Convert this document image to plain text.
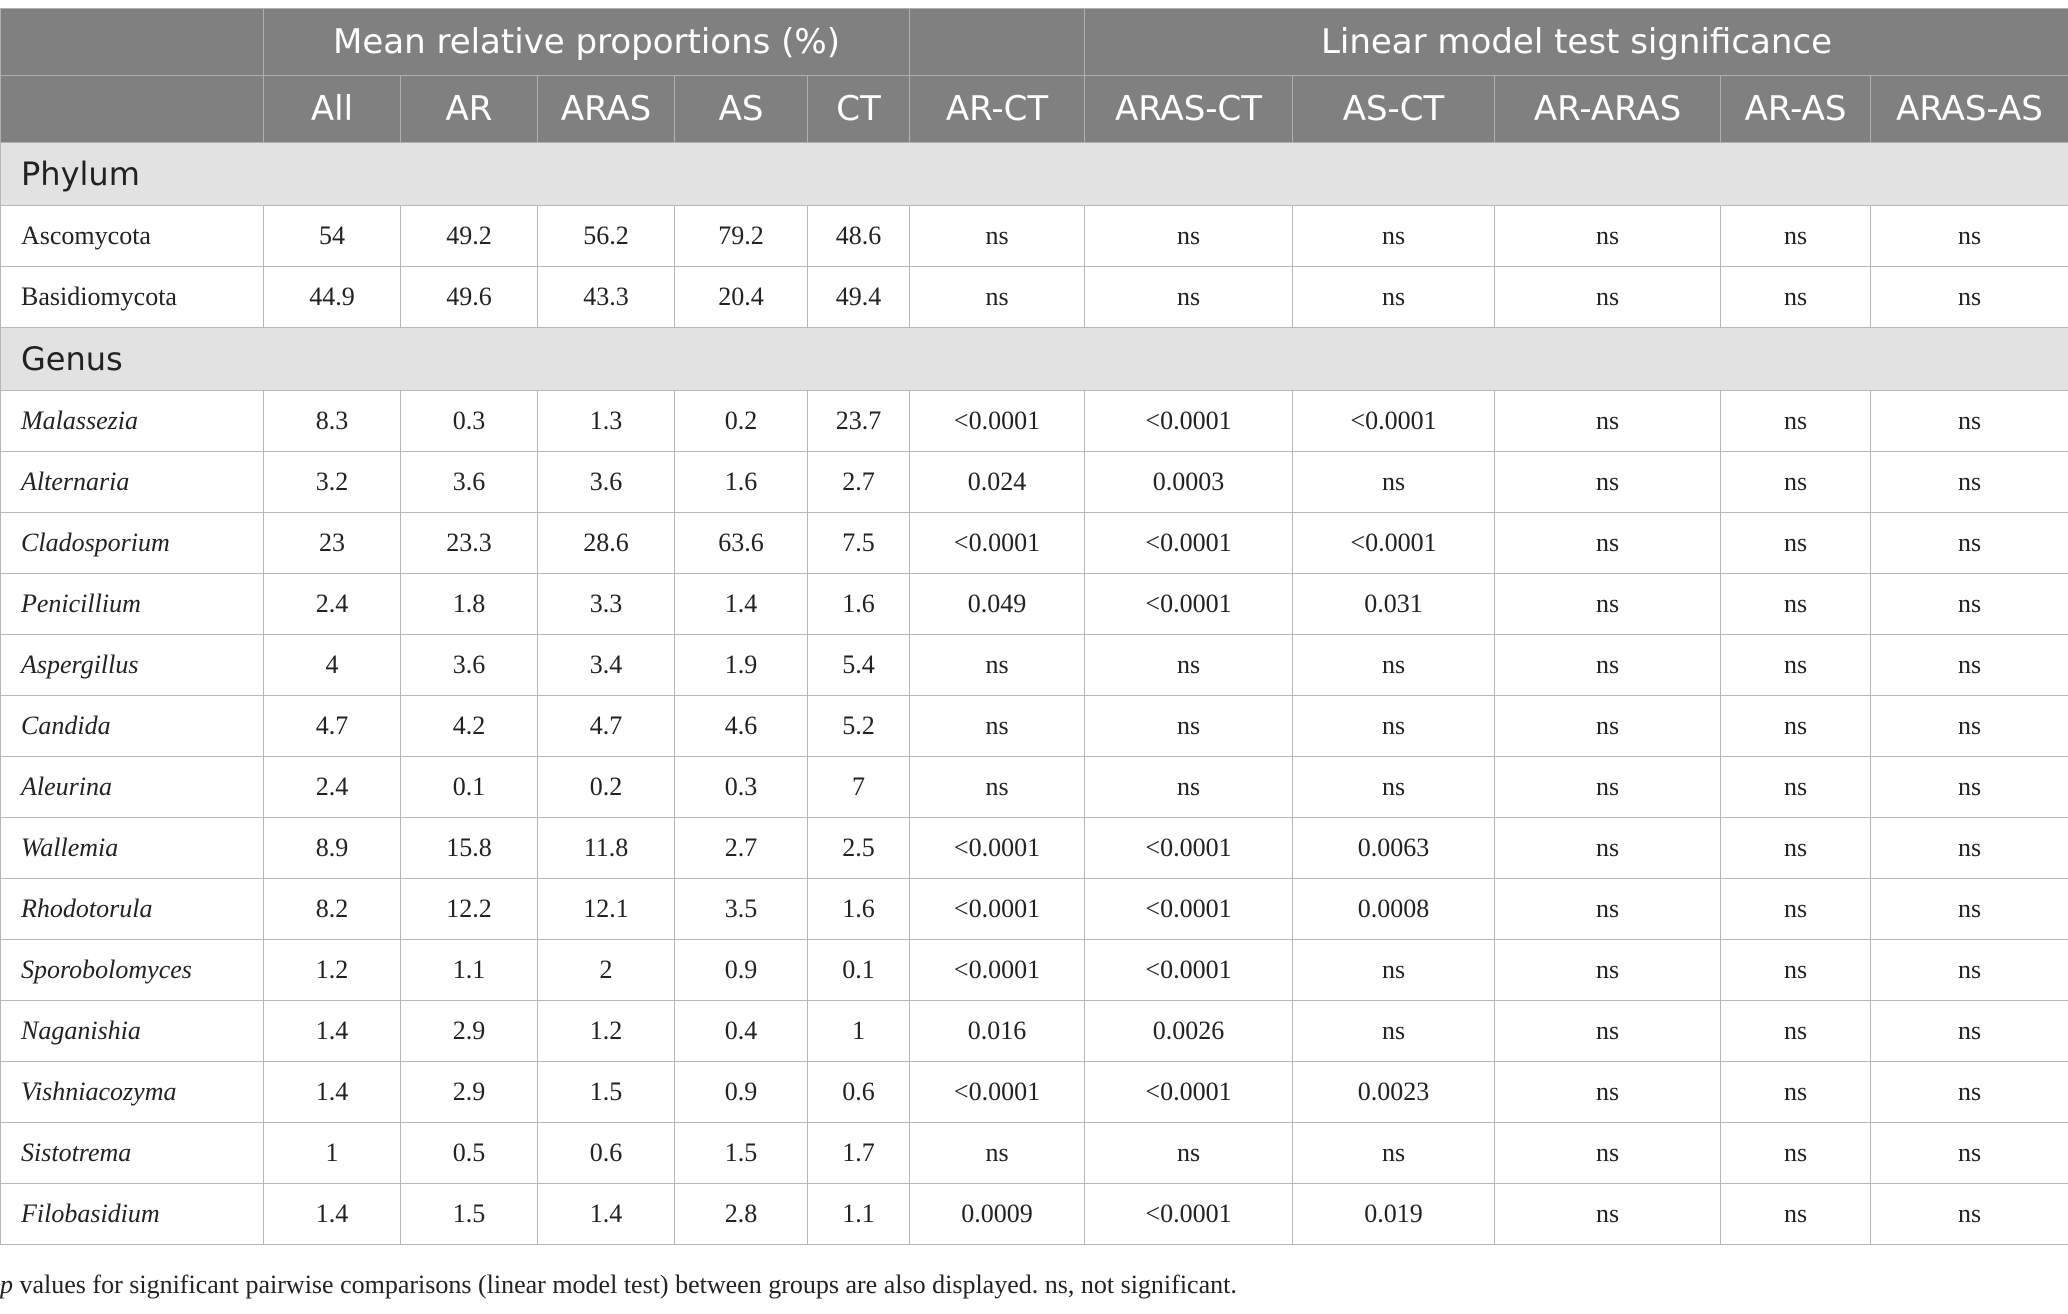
	Mean relative proportions (%)						Linear model test significance				
	All	AR	ARAS	AS	CT	AR-CT	ARAS-CT	AS-CT	AR-ARAS	AR-AS	ARAS-AS
Phylum											
Ascomycota	54	49.2	56.2	79.2	48.6	ns	ns	ns	ns	ns	ns
Basidiomycota	44.9	49.6	43.3	20.4	49.4	ns	ns	ns	ns	ns	ns
Genus											
Malassezia	8.3	0.3	1.3	0.2	23.7	<0.0001	<0.0001	<0.0001	ns	ns	ns
Alternaria	3.2	3.6	3.6	1.6	2.7	0.024	0.0003	ns	ns	ns	ns
Cladosporium	23	23.3	28.6	63.6	7.5	<0.0001	<0.0001	<0.0001	ns	ns	ns
Penicillium	2.4	1.8	3.3	1.4	1.6	0.049	<0.0001	0.031	ns	ns	ns
Aspergillus	4	3.6	3.4	1.9	5.4	ns	ns	ns	ns	ns	ns
Candida	4.7	4.2	4.7	4.6	5.2	ns	ns	ns	ns	ns	ns
Aleurina	2.4	0.1	0.2	0.3	7	ns	ns	ns	ns	ns	ns
Wallemia	8.9	15.8	11.8	2.7	2.5	<0.0001	<0.0001	0.0063	ns	ns	ns
Rhodotorula	8.2	12.2	12.1	3.5	1.6	<0.0001	<0.0001	0.0008	ns	ns	ns
Sporobolomyces	1.2	1.1	2	0.9	0.1	<0.0001	<0.0001	ns	ns	ns	ns
Naganishia	1.4	2.9	1.2	0.4	1	0.016	0.0026	ns	ns	ns	ns
Vishniacozyma	1.4	2.9	1.5	0.9	0.6	<0.0001	<0.0001	0.0023	ns	ns	ns
Sistotrema	1	0.5	0.6	1.5	1.7	ns	ns	ns	ns	ns	ns
Filobasidium	1.4	1.5	1.4	2.8	1.1	0.0009	<0.0001	0.019	ns	ns	ns
p values for significant pairwise comparisons (linear model test) between groups are also displayed. ns, not significant.
